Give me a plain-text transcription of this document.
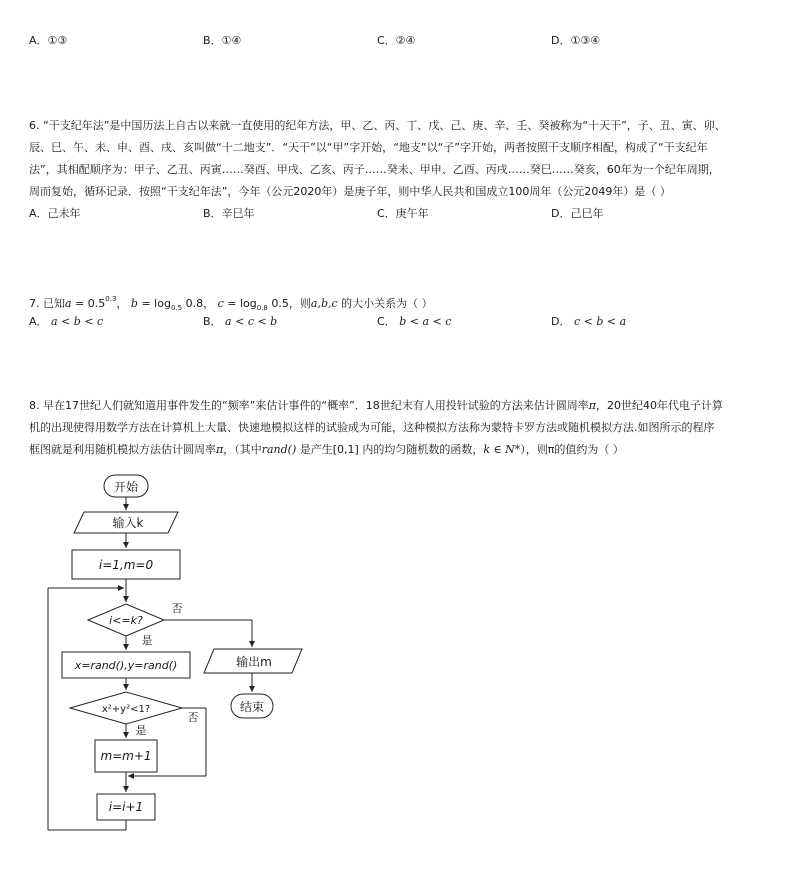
A．①③	B．①④	C．②④	D．①③④
6. “干支纪年法”是中国历法上自古以来就一直使用的纪年方法，甲、乙、丙、丁、戊、己、庚、辛、壬、癸被称为“十天干”，子、丑、寅、卯、
辰、巳、午、未、申、酉、戌、亥叫做“十二地支”．“天干”以“甲”字开始，“地支”以“子”字开始，两者按照干支顺序相配，构成了“干支纪年
法”，其相配顺序为：甲子、乙丑、丙寅……癸酉、甲戌、乙亥、丙子……癸未、甲申、乙酉、丙戌……癸巳……癸亥，60年为一个纪年周期，
周而复始，循环记录．按照“干支纪年法”，今年（公元2020年）是庚子年，则中华人民共和国成立100周年（公元2049年）是（ ）
A．己未年	B．辛巳年	C．庚午年	D．己巳年
7. 已知$a = 0.5^{0.3}$， $b = \log_{0.5} 0.8$， $c = \log_{0.8} 0.5$，则a,b,c 的大小关系为（ ）
A． a < b < c	B． a < c < b	C． b < a < c	D． c < b < a
8. 早在17世纪人们就知道用事件发生的“频率”来估计事件的“概率”．18世纪末有人用投针试验的方法来估计圆周率π，20世纪40年代电子计算
机的出现使得用数学方法在计算机上大量、快速地模拟这样的试验成为可能，这种模拟方法称为蒙特卡罗方法或随机模拟方法.如图所示的程序
框图就是利用随机模拟方法估计圆周率π，（其中rand() 是产生[0,1] 内的均匀随机数的函数，k ∈ N*），则π的值约为（ ）
开始
输入k
i=1,m=0
i<=k?
是
否
x=rand(),y=rand()
x²+y²<1?
是
否
m=m+1
i=i+1
输出m
结束
